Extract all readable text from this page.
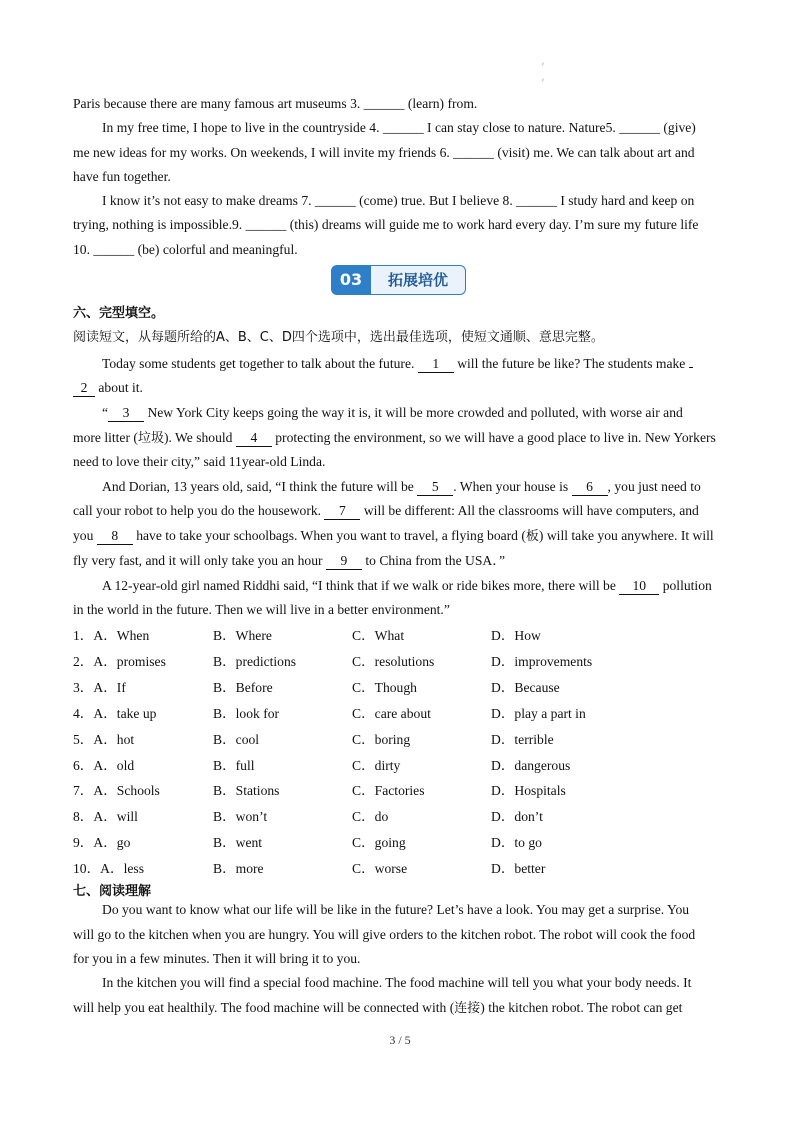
'
'
Paris because there are many famous art museums 3. ______ (learn) from.
In my free time, I hope to live in the countryside 4. ______ I can stay close to nature. Nature5. ______ (give)
me new ideas for my works. On weekends, I will invite my friends 6. ______ (visit) me. We can talk about art and
have fun together.
I know it’s not easy to make dreams 7. ______ (come) true. But I believe 8. ______ I study hard and keep on
trying, nothing is impossible.9. ______ (this) dreams will guide me to work hard every day. I’m sure my future life
10. ______ (be) colorful and meaningful.
03	拓展培优
六、完型填空。
阅读短文，从每题所给的A、B、C、D四个选项中，选出最佳选项，使短文通顺、意思完整。
Today some students get together to talk about the future. 1 will the future be like? The students make
2 about it.
“ 3 New York City keeps going the way it is, it will be more crowded and polluted, with worse air and
more litter (垃圾). We should 4 protecting the environment, so we will have a good place to live in. New Yorkers
need to love their city,” said 11year-old Linda.
And Dorian, 13 years old, said, “I think the future will be 5 . When your house is 6 , you just need to
call your robot to help you do the housework. 7 will be different: All the classrooms will have computers, and
you 8 have to take your schoolbags. When you want to travel, a flying board (板) will take you anywhere. It will
fly very fast, and it will only take you an hour 9 to China from the USA．”
A 12-year-old girl named Riddhi said, “I think that if we walk or ride bikes more, there will be 10 pollution
in the world in the future. Then we will live in a better environment.”
1．A．When	B．Where	C．What	D．How
2．A．promises	B．predictions	C．resolutions	D．improvements
3．A．If	B．Before	C．Though	D．Because
4．A．take up	B．look for	C．care about	D．play a part in
5．A．hot	B．cool	C．boring	D．terrible
6．A．old	B．full	C．dirty	D．dangerous
7．A．Schools	B．Stations	C．Factories	D．Hospitals
8．A．will	B．won’t	C．do	D．don’t
9．A．go	B．went	C．going	D．to go
10．A．less	B．more	C．worse	D．better
七、阅读理解
Do you want to know what our life will be like in the future? Let’s have a look. You may get a surprise. You
will go to the kitchen when you are hungry. You will give orders to the kitchen robot. The robot will cook the food
for you in a few minutes. Then it will bring it to you.
In the kitchen you will find a special food machine. The food machine will tell you what your body needs. It
will help you eat healthily. The food machine will be connected with (连接) the kitchen robot. The robot can get
3 / 5
